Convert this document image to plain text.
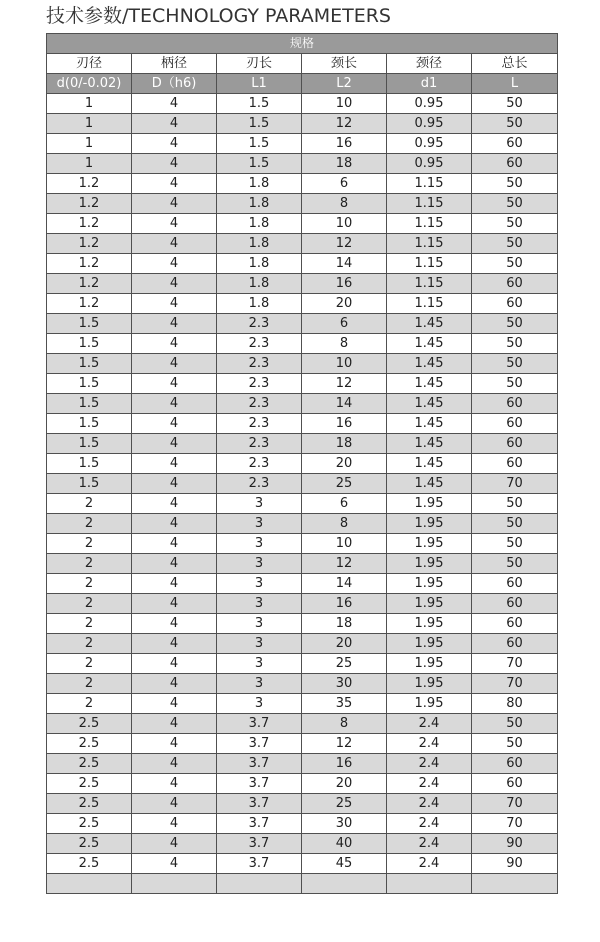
技术参数/TECHNOLOGY PARAMETERS
规格					
刃径	柄径	刃长	颈长	颈径	总长
d(0/-0.02)	D（h6)	L1	L2	d1	L
1	4	1.5	10	0.95	50
1	4	1.5	12	0.95	50
1	4	1.5	16	0.95	60
1	4	1.5	18	0.95	60
1.2	4	1.8	6	1.15	50
1.2	4	1.8	8	1.15	50
1.2	4	1.8	10	1.15	50
1.2	4	1.8	12	1.15	50
1.2	4	1.8	14	1.15	50
1.2	4	1.8	16	1.15	60
1.2	4	1.8	20	1.15	60
1.5	4	2.3	6	1.45	50
1.5	4	2.3	8	1.45	50
1.5	4	2.3	10	1.45	50
1.5	4	2.3	12	1.45	50
1.5	4	2.3	14	1.45	60
1.5	4	2.3	16	1.45	60
1.5	4	2.3	18	1.45	60
1.5	4	2.3	20	1.45	60
1.5	4	2.3	25	1.45	70
2	4	3	6	1.95	50
2	4	3	8	1.95	50
2	4	3	10	1.95	50
2	4	3	12	1.95	50
2	4	3	14	1.95	60
2	4	3	16	1.95	60
2	4	3	18	1.95	60
2	4	3	20	1.95	60
2	4	3	25	1.95	70
2	4	3	30	1.95	70
2	4	3	35	1.95	80
2.5	4	3.7	8	2.4	50
2.5	4	3.7	12	2.4	50
2.5	4	3.7	16	2.4	60
2.5	4	3.7	20	2.4	60
2.5	4	3.7	25	2.4	70
2.5	4	3.7	30	2.4	70
2.5	4	3.7	40	2.4	90
2.5	4	3.7	45	2.4	90
